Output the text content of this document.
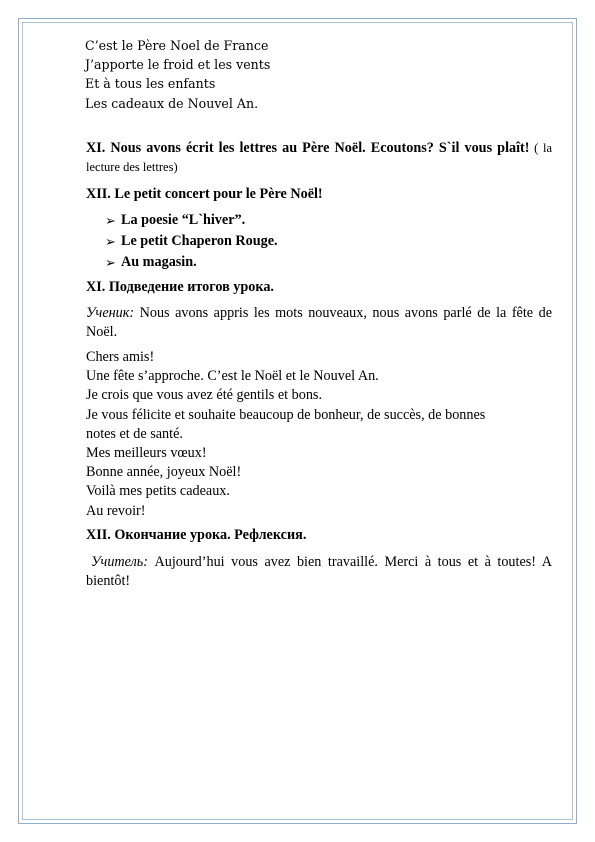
C’est le Père Noel de France
J’apporte le froid et les vents
Et à tous les enfants
Les cadeaux de Nouvel An.

XI. Nous avons écrit les lettres au Père Noël. Ecoutons? S`il vous plaît! ( la lecture des lettres)

XII. Le petit concert pour le Père Noël!

➢ La poesie “L`hiver”.
➢ Le petit Chaperon Rouge.
➢ Au magasin.

XI. Подведение итогов урока.

Ученик: Nous avons appris les mots nouveaux, nous avons parlé de la fête de Noël.

Chers amis!
Une fête s’approche. C’est le Noël et le Nouvel An.
Je crois que vous avez été gentils et bons.
Je vous félicite et souhaite beaucoup de bonheur, de succès, de bonnes
notes et de santé.
Mes meilleurs vœux!
Bonne année, joyeux Noël!
Voilà mes petits cadeaux.
Au revoir!

XII. Окончание урока. Рефлексия.

Учитель: Aujourd’hui vous avez bien travaillé. Merci à tous et à toutes! A bientôt!
